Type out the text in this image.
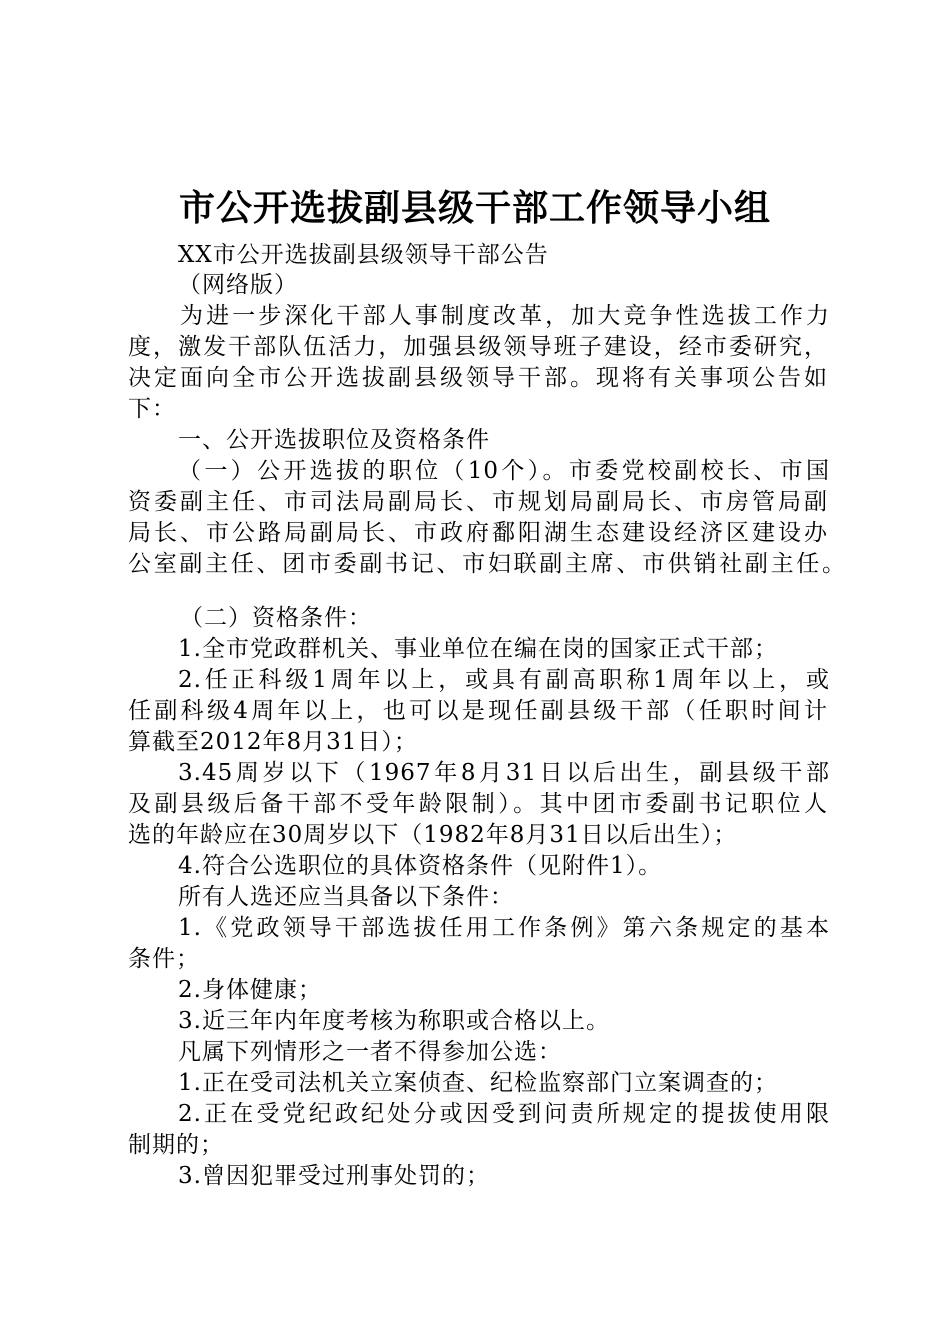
市公开选拔副县级干部工作领导小组
XX市公开选拔副县级领导干部公告
（网络版）
为进一步深化干部人事制度改革，加大竞争性选拔工作力
度，激发干部队伍活力，加强县级领导班子建设，经市委研究，
决定面向全市公开选拔副县级领导干部。现将有关事项公告如
下：
一、公开选拔职位及资格条件
（一）公开选拔的职位（10个）。市委党校副校长、市国
资委副主任、市司法局副局长、市规划局副局长、市房管局副
局长、市公路局副局长、市政府鄱阳湖生态建设经济区建设办
公室副主任、团市委副书记、市妇联副主席、市供销社副主任。
（二）资格条件：
1.全市党政群机关、事业单位在编在岗的国家正式干部；
2.任正科级1周年以上，或具有副高职称1周年以上，或
任副科级4周年以上，也可以是现任副县级干部（任职时间计
算截至2012年8月31日）；
3.45周岁以下（1967年8月31日以后出生，副县级干部
及副县级后备干部不受年龄限制）。其中团市委副书记职位人
选的年龄应在30周岁以下（1982年8月31日以后出生）；
4.符合公选职位的具体资格条件（见附件1）。
所有人选还应当具备以下条件：
1.《党政领导干部选拔任用工作条例》第六条规定的基本
条件；
2.身体健康；
3.近三年内年度考核为称职或合格以上。
凡属下列情形之一者不得参加公选：
1.正在受司法机关立案侦查、纪检监察部门立案调查的；
2.正在受党纪政纪处分或因受到问责所规定的提拔使用限
制期的；
3.曾因犯罪受过刑事处罚的；
